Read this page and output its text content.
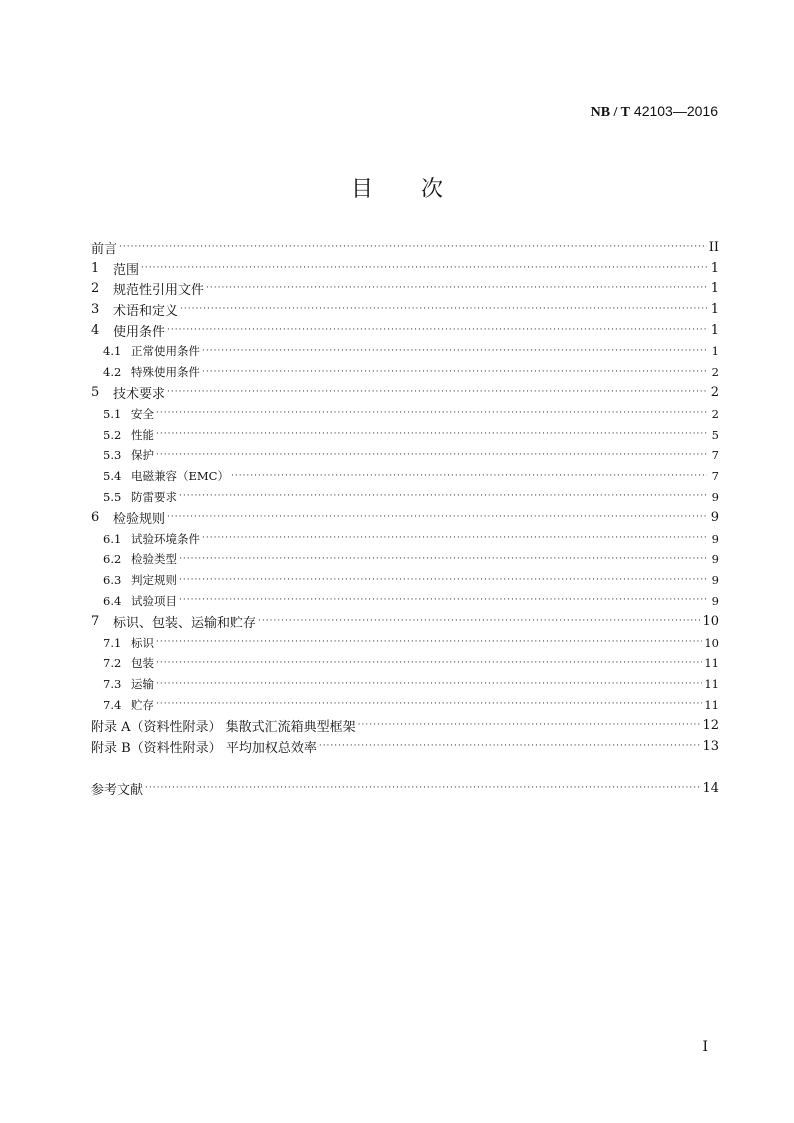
NB / T 42103—2016
目次
前言 ·····	II
1	范围 ·····	1
2	规范性引用文件 ·····	1
3	术语和定义 ·····	1
4	使用条件 ·····	1
4.1 正常使用条件 ·····	1
4.2 特殊使用条件 ·····	2
5	技术要求 ·····	2
5.1 安全 ·····	2
5.2 性能 ·····	5
5.3 保护 ·····	7
5.4 电磁兼容（EMC） ·····	7
5.5 防雷要求 ·····	9
6	检验规则 ·····	9
6.1 试验环境条件 ·····	9
6.2 检验类型 ·····	9
6.3 判定规则 ·····	9
6.4 试验项目 ·····	9
7	标识、包装、运输和贮存 ·····	10
7.1 标识 ·····	10
7.2 包装 ·····	11
7.3 运输 ·····	11
7.4 贮存 ·····	11
附录 A（资料性附录） 集散式汇流箱典型框架 ·····	12
附录 B（资料性附录） 平均加权总效率 ·····	13
参考文献 ·····	14
I
